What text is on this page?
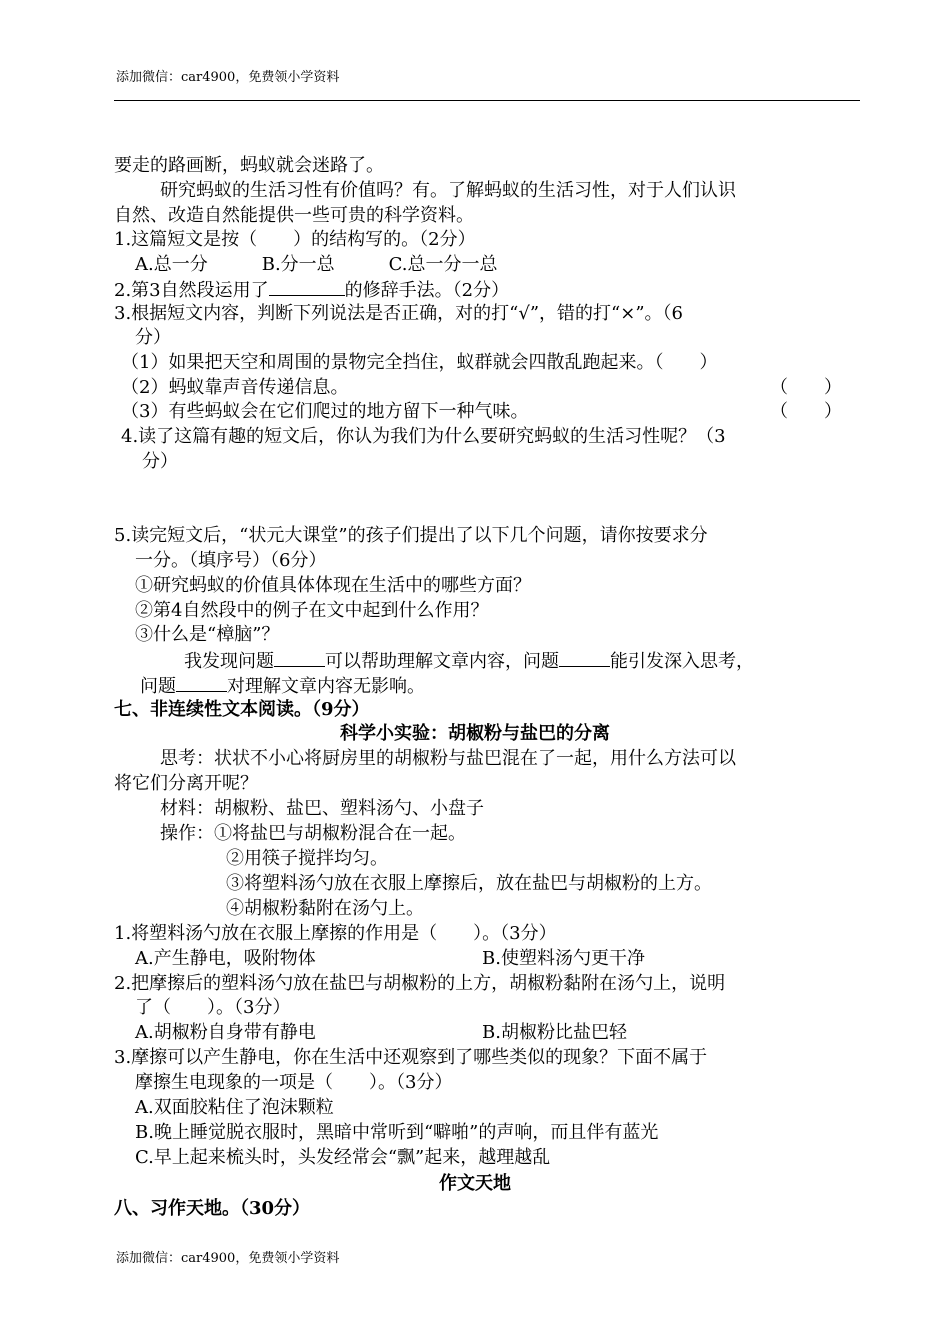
添加微信：car4900，免费领小学资料
要走的路画断，蚂蚁就会迷路了。
研究蚂蚁的生活习性有价值吗？有。了解蚂蚁的生活习性，对于人们认识
自然、改造自然能提供一些可贵的科学资料。
1.这篇短文是按（　　）的结构写的。（2分）
A.总一分　　　B.分一总　　　C.总一分一总
2.第3自然段运用了	的修辞手法。（2分）
3.根据短文内容，判断下列说法是否正确，对的打“√”，错的打“×”。（6
分）
（1）如果把天空和周围的景物完全挡住，蚁群就会四散乱跑起来。（　　）
（2）蚂蚁靠声音传递信息。	（　　）
（3）有些蚂蚁会在它们爬过的地方留下一种气味。	（　　）
4.读了这篇有趣的短文后，你认为我们为什么要研究蚂蚁的生活习性呢？（3
分）
5.读完短文后，“状元大课堂”的孩子们提出了以下几个问题，请你按要求分
一分。（填序号）（6分）
①研究蚂蚁的价值具体体现在生活中的哪些方面？
②第4自然段中的例子在文中起到什么作用？
③什么是“樟脑”？
我发现问题	可以帮助理解文章内容，问题	能引发深入思考，
问题	对理解文章内容无影响。
七、非连续性文本阅读。（9分）
科学小实验：胡椒粉与盐巴的分离
思考：状状不小心将厨房里的胡椒粉与盐巴混在了一起，用什么方法可以
将它们分离开呢？
材料：胡椒粉、盐巴、塑料汤勺、小盘子
操作：①将盐巴与胡椒粉混合在一起。
②用筷子搅拌均匀。
③将塑料汤勺放在衣服上摩擦后，放在盐巴与胡椒粉的上方。
④胡椒粉黏附在汤勺上。
1.将塑料汤勺放在衣服上摩擦的作用是（　　）。（3分）
A.产生静电，吸附物体	B.使塑料汤勺更干净
2.把摩擦后的塑料汤勺放在盐巴与胡椒粉的上方，胡椒粉黏附在汤勺上，说明
了（　　）。（3分）
A.胡椒粉自身带有静电	B.胡椒粉比盐巴轻
3.摩擦可以产生静电，你在生活中还观察到了哪些类似的现象？下面不属于
摩擦生电现象的一项是（　　）。（3分）
A.双面胶粘住了泡沫颗粒
B.晚上睡觉脱衣服时，黑暗中常听到“噼啪”的声响，而且伴有蓝光
C.早上起来梳头时，头发经常会“飘”起来，越理越乱
作文天地
八、习作天地。（30分）
添加微信：car4900，免费领小学资料
